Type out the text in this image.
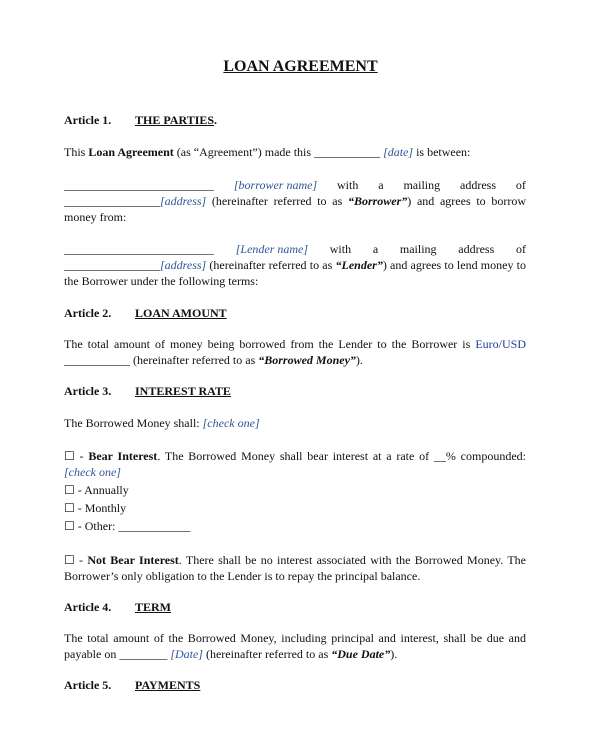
LOAN AGREEMENT
Article 1. THE PARTIES.
This Loan Agreement (as “Agreement”) made this ___________ [date] is between:
_________________________ [borrower name] with a mailing address of
________________[address] (hereinafter referred to as “Borrower”) and agrees to borrow money from:
_________________________ [Lender name] with a mailing address of
________________[address] (hereinafter referred to as “Lender”) and agrees to lend money to the Borrower under the following terms:
Article 2. LOAN AMOUNT
The total amount of money being borrowed from the Lender to the Borrower is Euro/USD ___________ (hereinafter referred to as “Borrowed Money”).
Article 3. INTEREST RATE
The Borrowed Money shall: [check one]
☐ - Bear Interest. The Borrowed Money shall bear interest at a rate of __% compounded: [check one]
☐ - Annually
☐ - Monthly
☐ - Other: ____________
☐ - Not Bear Interest. There shall be no interest associated with the Borrowed Money. The Borrower’s only obligation to the Lender is to repay the principal balance.
Article 4. TERM
The total amount of the Borrowed Money, including principal and interest, shall be due and payable on ________ [Date] (hereinafter referred to as “Due Date”).
Article 5. PAYMENTS
